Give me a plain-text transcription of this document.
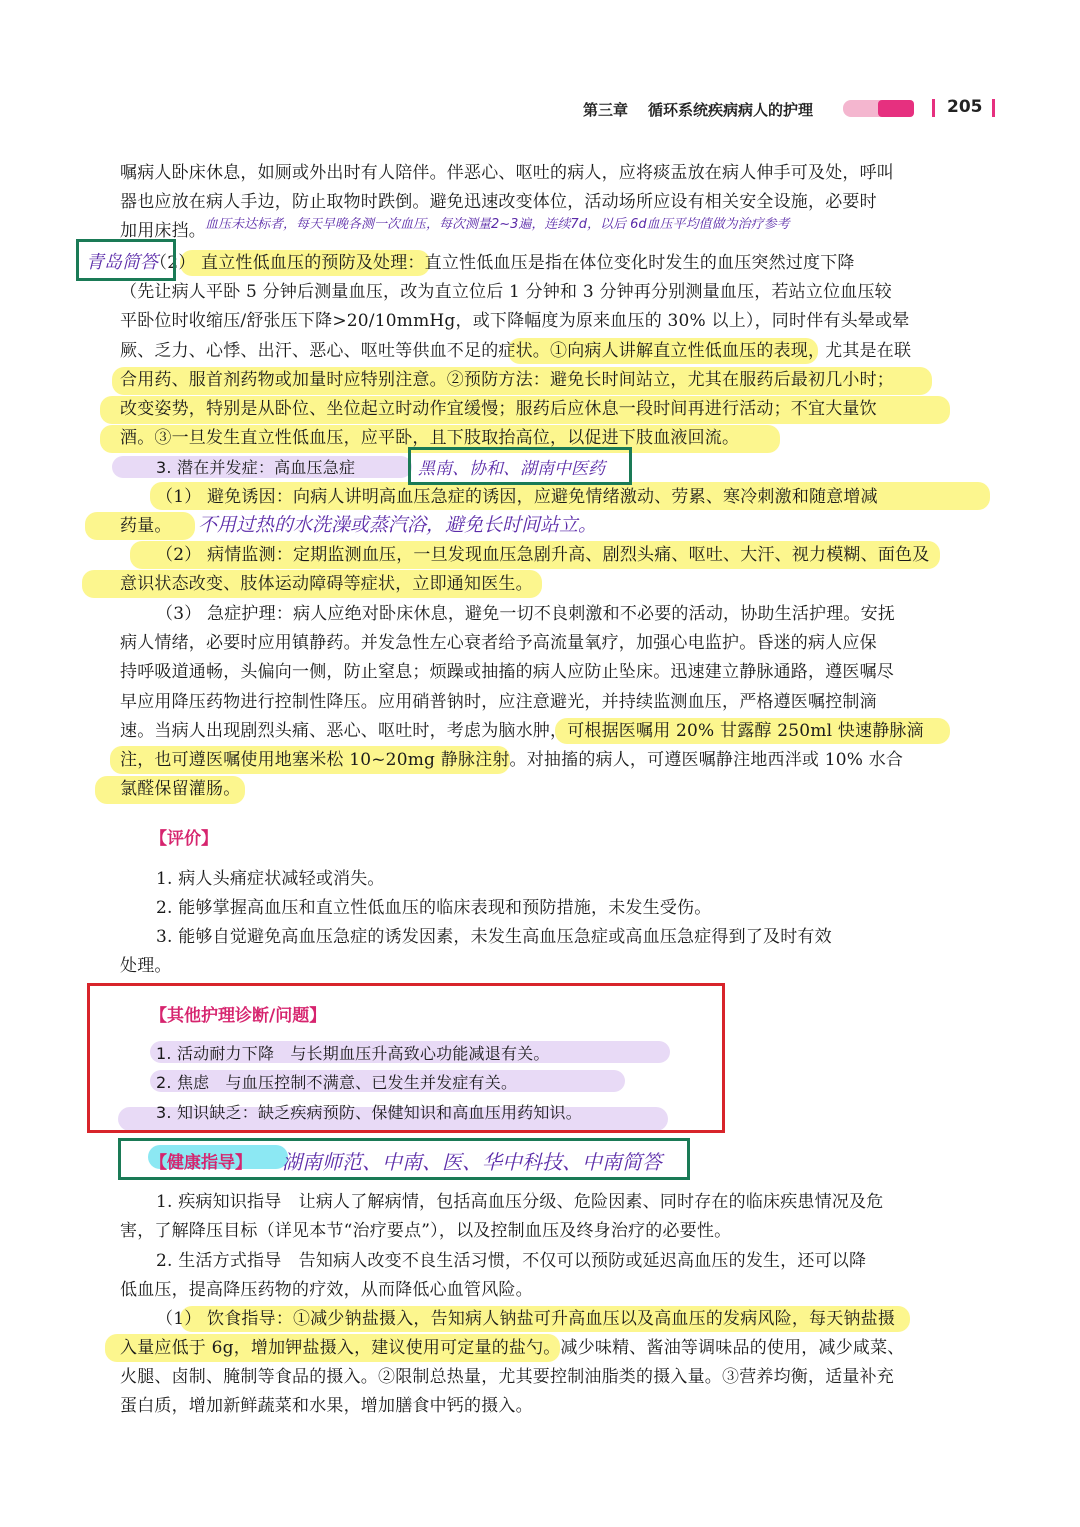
第三章 循环系统疾病病人的护理	205
嘱病人卧床休息，如厕或外出时有人陪伴。伴恶心、呕吐的病人，应将痰盂放在病人伸手可及处，呼叫
器也应放在病人手边，防止取物时跌倒。避免迅速改变体位，活动场所应设有相关安全设施，必要时
加用床挡。
（2） 直立性低血压的预防及处理：直立性低血压是指在体位变化时发生的血压突然过度下降
（先让病人平卧 5 分钟后测量血压，改为直立位后 1 分钟和 3 分钟再分别测量血压，若站立位血压较
平卧位时收缩压/舒张压下降>20/10mmHg，或下降幅度为原来血压的 30% 以上），同时伴有头晕或晕
厥、乏力、心悸、出汗、恶心、呕吐等供血不足的症状。①向病人讲解直立性低血压的表现，尤其是在联
合用药、服首剂药物或加量时应特别注意。②预防方法：避免长时间站立，尤其在服药后最初几小时；
改变姿势，特别是从卧位、坐位起立时动作宜缓慢；服药后应休息一段时间再进行活动；不宜大量饮
酒。③一旦发生直立性低血压，应平卧，且下肢取抬高位，以促进下肢血液回流。
3. 潜在并发症：高血压急症
（1） 避免诱因：向病人讲明高血压急症的诱因，应避免情绪激动、劳累、寒冷刺激和随意增减
药量。
（2） 病情监测：定期监测血压，一旦发现血压急剧升高、剧烈头痛、呕吐、大汗、视力模糊、面色及
意识状态改变、肢体运动障碍等症状，立即通知医生。
（3） 急症护理：病人应绝对卧床休息，避免一切不良刺激和不必要的活动，协助生活护理。安抚
病人情绪，必要时应用镇静药。并发急性左心衰者给予高流量氧疗，加强心电监护。昏迷的病人应保
持呼吸道通畅，头偏向一侧，防止窒息；烦躁或抽搐的病人应防止坠床。迅速建立静脉通路，遵医嘱尽
早应用降压药物进行控制性降压。应用硝普钠时，应注意避光，并持续监测血压，严格遵医嘱控制滴
速。当病人出现剧烈头痛、恶心、呕吐时，考虑为脑水肿，可根据医嘱用 20% 甘露醇 250ml 快速静脉滴
注，也可遵医嘱使用地塞米松 10~20mg 静脉注射。对抽搐的病人，可遵医嘱静注地西泮或 10% 水合
氯醛保留灌肠。
【评价】
1. 病人头痛症状减轻或消失。
2. 能够掌握高血压和直立性低血压的临床表现和预防措施，未发生受伤。
3. 能够自觉避免高血压急症的诱发因素，未发生高血压急症或高血压急症得到了及时有效
处理。
【其他护理诊断/问题】
1. 活动耐力下降　与长期血压升高致心功能减退有关。
2. 焦虑　与血压控制不满意、已发生并发症有关。
3. 知识缺乏：缺乏疾病预防、保健知识和高血压用药知识。
【健康指导】 湖南师范、中南、医、华中科技、中南简答
1. 疾病知识指导　让病人了解病情，包括高血压分级、危险因素、同时存在的临床疾患情况及危
害，了解降压目标（详见本节“治疗要点”），以及控制血压及终身治疗的必要性。
2. 生活方式指导　告知病人改变不良生活习惯，不仅可以预防或延迟高血压的发生，还可以降
低血压，提高降压药物的疗效，从而降低心血管风险。
（1） 饮食指导：①减少钠盐摄入，告知病人钠盐可升高血压以及高血压的发病风险，每天钠盐摄
入量应低于 6g，增加钾盐摄入，建议使用可定量的盐勺。减少味精、酱油等调味品的使用，减少咸菜、
火腿、卤制、腌制等食品的摄入。②限制总热量，尤其要控制油脂类的摄入量。③营养均衡，适量补充
蛋白质，增加新鲜蔬菜和水果，增加膳食中钙的摄入。
血压未达标者，每天早晚各测一次血压，每次测量2~3遍，连续7d，以后 6d血压平均值做为治疗参考
青岛简答
黑南、协和、湖南中医药
不用过热的水洗澡或蒸汽浴，避免长时间站立。
